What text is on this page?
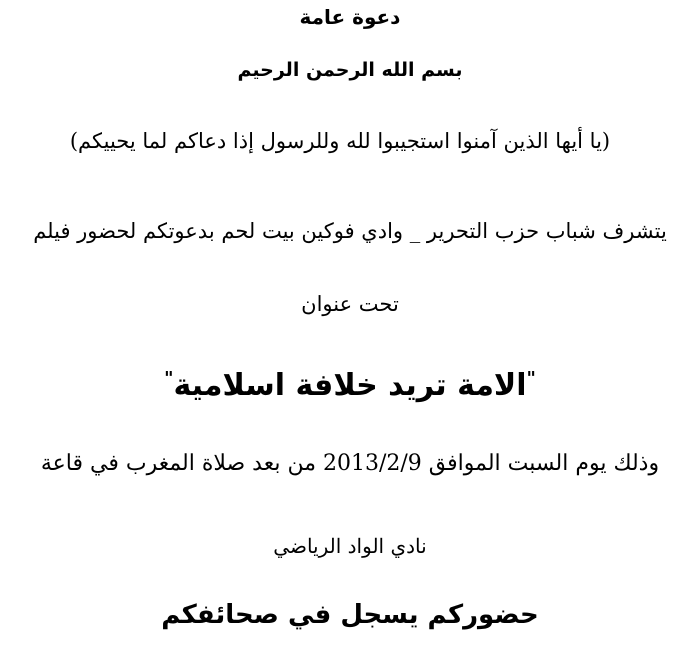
دعوة عامة
بسم الله الرحمن الرحيم
(يا أيها الذين آمنوا استجيبوا لله وللرسول إذا دعاكم لما يحييكم)
يتشرف شباب حزب التحرير _ وادي فوكين بيت لحم بدعوتكم لحضور فيلم
تحت عنوان
"الامة تريد خلافة اسلامية"
وذلك يوم السبت الموافق 2013/2/9 من بعد صلاة المغرب في قاعة
نادي الواد الرياضي
حضوركم يسجل في صحائفكم
